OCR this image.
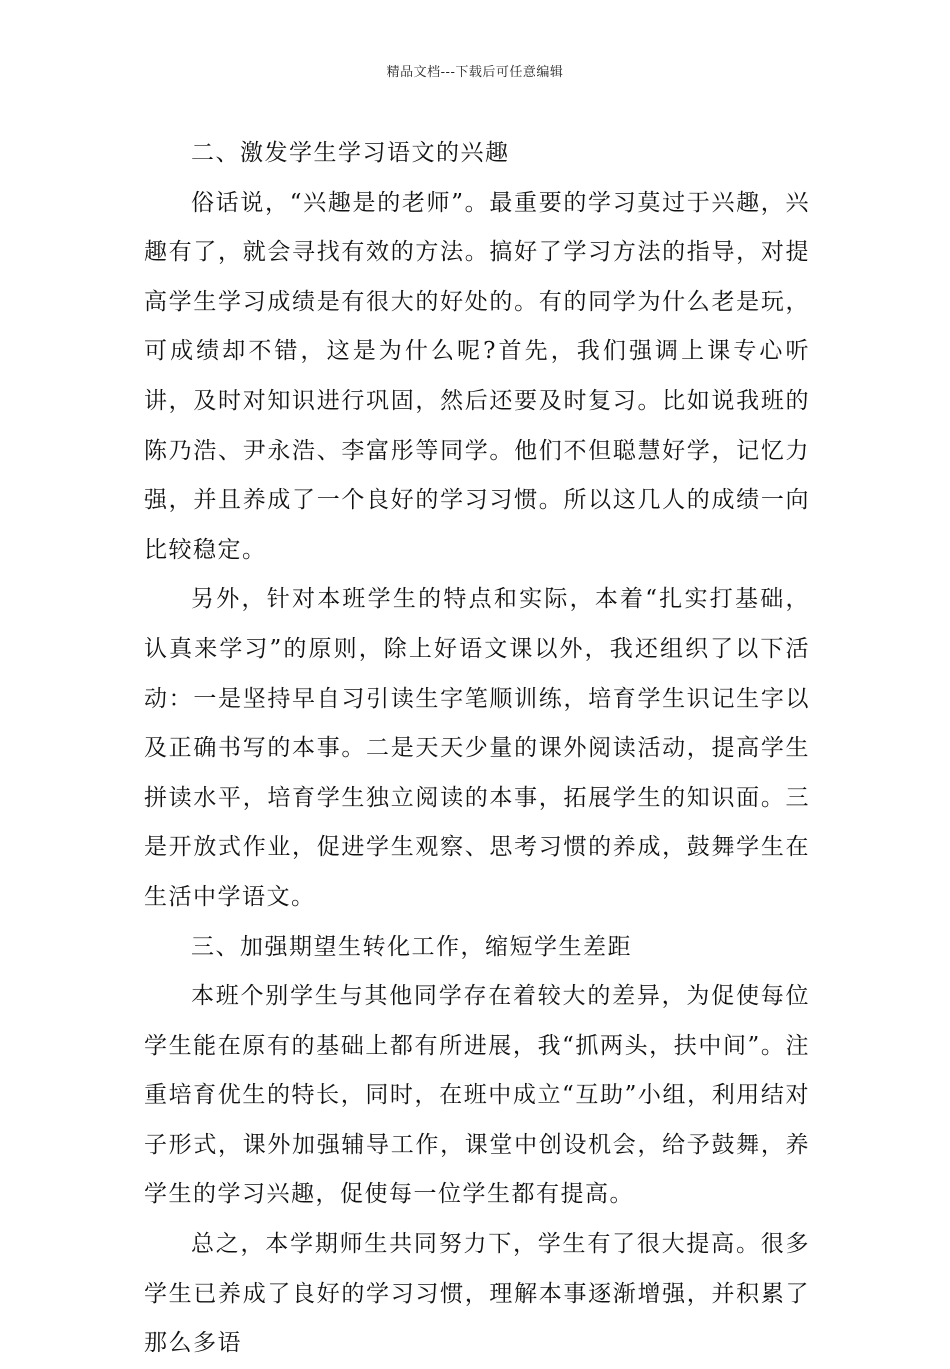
精品文档---下载后可任意编辑

二、激发学生学习语文的兴趣

俗话说，“兴趣是的老师”。最重要的学习莫过于兴趣，兴趣有了，就会寻找有效的方法。搞好了学习方法的指导，对提高学生学习成绩是有很大的好处的。有的同学为什么老是玩，可成绩却不错，这是为什么呢?首先，我们强调上课专心听讲，及时对知识进行巩固，然后还要及时复习。比如说我班的陈乃浩、尹永浩、李富彤等同学。他们不但聪慧好学，记忆力强，并且养成了一个良好的学习习惯。所以这几人的成绩一向比较稳定。

另外，针对本班学生的特点和实际，本着“扎实打基础，认真来学习”的原则，除上好语文课以外，我还组织了以下活动：一是坚持早自习引读生字笔顺训练，培育学生识记生字以及正确书写的本事。二是天天少量的课外阅读活动，提高学生拼读水平，培育学生独立阅读的本事，拓展学生的知识面。三是开放式作业，促进学生观察、思考习惯的养成，鼓舞学生在生活中学语文。

三、加强期望生转化工作，缩短学生差距

本班个别学生与其他同学存在着较大的差异，为促使每位学生能在原有的基础上都有所进展，我“抓两头，扶中间”。注重培育优生的特长，同时，在班中成立“互助”小组，利用结对子形式，课外加强辅导工作，课堂中创设机会，给予鼓舞，养学生的学习兴趣，促使每一位学生都有提高。

总之，本学期师生共同努力下，学生有了很大提高。很多学生已养成了良好的学习习惯，理解本事逐渐增强，并积累了那么多语
